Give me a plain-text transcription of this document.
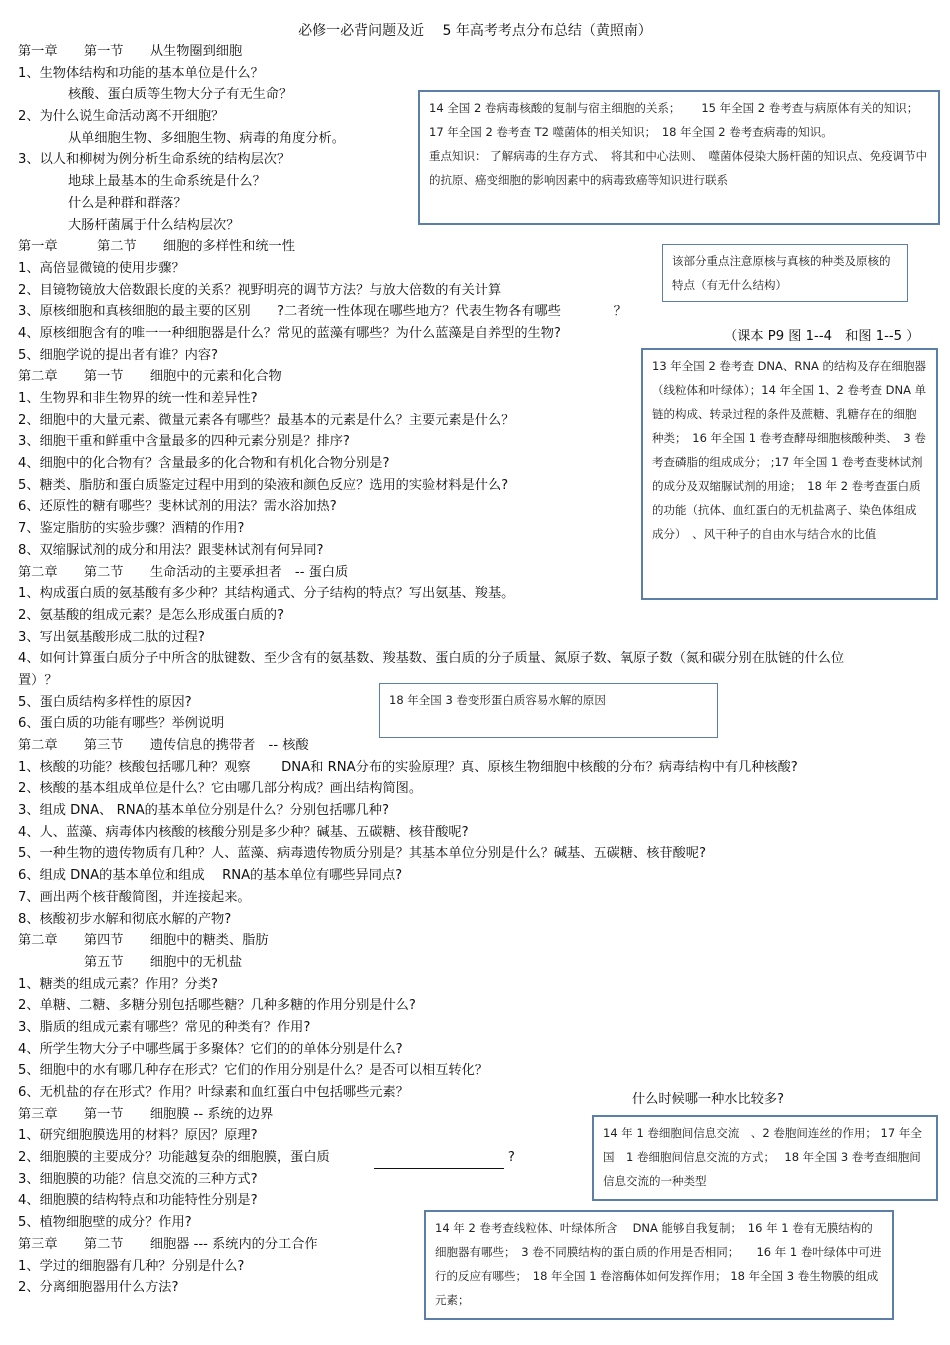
必修一必背问题及近　 5 年高考考点分布总结（黄照南）
第一章　　第一节　　从生物圈到细胞
1、生物体结构和功能的基本单位是什么？
核酸、蛋白质等生物大分子有无生命？
2、为什么说生命活动离不开细胞？
从单细胞生物、多细胞生物、病毒的角度分析。
3、以人和柳树为例分析生命系统的结构层次？
地球上最基本的生命系统是什么？
什么是种群和群落？
大肠杆菌属于什么结构层次？
第一章　　　第二节　　细胞的多样性和统一性
1、高倍显微镜的使用步骤？
2、目镜物镜放大倍数跟长度的关系？视野明亮的调节方法？与放大倍数的有关计算
3、原核细胞和真核细胞的最主要的区别　　?二者统一性体现在哪些地方？代表生物各有哪些　　　　？
4、原核细胞含有的唯一一种细胞器是什么？常见的蓝藻有哪些？为什么蓝藻是自养型的生物?
5、细胞学说的提出者有谁？内容?
第二章　　第一节　　细胞中的元素和化合物
1、生物界和非生物界的统一性和差异性?
2、细胞中的大量元素、微量元素各有哪些？最基本的元素是什么？主要元素是什么？
3、细胞干重和鲜重中含量最多的四种元素分别是？排序?
4、细胞中的化合物有？含量最多的化合物和有机化合物分别是?
5、糖类、脂肪和蛋白质鉴定过程中用到的染液和颜色反应？选用的实验材料是什么?
6、还原性的糖有哪些？斐林试剂的用法？需水浴加热?
7、鉴定脂肪的实验步骤？酒精的作用?
8、双缩脲试剂的成分和用法？跟斐林试剂有何异同?
第二章　　第二节　　生命活动的主要承担者　-- 蛋白质
1、构成蛋白质的氨基酸有多少种？其结构通式、分子结构的特点？写出氨基、羧基。
2、氨基酸的组成元素？是怎么形成蛋白质的?
3、写出氨基酸形成二肽的过程?
4、如何计算蛋白质分子中所含的肽键数、至少含有的氨基数、羧基数、蛋白质的分子质量、氮原子数、氧原子数（氮和碳分别在肽链的什么位置）？
5、蛋白质结构多样性的原因?
6、蛋白质的功能有哪些？举例说明
第二章　　第三节　　遗传信息的携带者　-- 核酸
1、核酸的功能？核酸包括哪几种？观察　　 DNA和 RNA分布的实验原理？真、原核生物细胞中核酸的分布？病毒结构中有几种核酸?
2、核酸的基本组成单位是什么？它由哪几部分构成？画出结构简图。
3、组成 DNA、 RNA的基本单位分别是什么？分别包括哪几种?
4、人、蓝藻、病毒体内核酸的核酸分别是多少种？碱基、五碳糖、核苷酸呢?
5、一种生物的遗传物质有几种？人、蓝藻、病毒遗传物质分别是？其基本单位分别是什么？碱基、五碳糖、核苷酸呢?
6、组成 DNA的基本单位和组成　 RNA的基本单位有哪些异同点?
7、画出两个核苷酸简图，并连接起来。
8、核酸初步水解和彻底水解的产物?
第二章　　第四节　　细胞中的糖类、脂肪
第五节　　细胞中的无机盐
1、糖类的组成元素？作用？分类?
2、单糖、二糖、多糖分别包括哪些糖？几种多糖的作用分别是什么?
3、脂质的组成元素有哪些？常见的种类有？作用?
4、所学生物大分子中哪些属于多聚体？它们的的单体分别是什么?
5、细胞中的水有哪几种存在形式？它们的作用分别是什么？是否可以相互转化？
6、无机盐的存在形式？作用？叶绿素和血红蛋白中包括哪些元素？
第三章　　第一节　　细胞膜 -- 系统的边界
1、研究细胞膜选用的材料？原因？原理?
2、细胞膜的主要成分？功能越复杂的细胞膜，蛋白质	?
3、细胞膜的功能？信息交流的三种方式?
4、细胞膜的结构特点和功能特性分别是?
5、植物细胞壁的成分？作用?
第三章　　第二节　　细胞器 --- 系统内的分工合作
1、学过的细胞器有几种？分别是什么?
2、分离细胞器用什么方法?
（课本 P9 图 1--4　和图 1--5 ）
什么时候哪一种水比较多?

14 全国 2 卷病毒核酸的复制与宿主细胞的关系；　　 15 年全国 2 卷考查与病原体有关的知识； 17 年全国 2 卷考查 T2 噬菌体的相关知识；　18 年全国 2 卷考查病毒的知识。

重点知识： 了解病毒的生存方式、　将其和中心法则、　噬菌体侵染大肠杆菌的知识点、免疫调节中的抗原、癌变细胞的影响因素中的病毒致癌等知识进行联系

该部分重点注意原核与真核的种类及原核的特点（有无什么结构）

13 年全国 2 卷考查 DNA、RNA 的结构及存在细胞器（线粒体和叶绿体）；14 年全国 1、2 卷考查 DNA 单链的构成、转录过程的条件及蔗糖、乳糖存在的细胞种类；　16 年全国 1 卷考查酵母细胞核酸种类、　3 卷考查磷脂的组成成分； ;17 年全国 1 卷考查斐林试剂的成分及双缩脲试剂的用途；　18 年 2 卷考查蛋白质的功能（抗体、血红蛋白的无机盐离子、染色体组成成分）　、风干种子的自由水与结合水的比值

18 年全国 3 卷变形蛋白质容易水解的原因

14 年 1 卷细胞间信息交流　、2 卷胞间连丝的作用； 17 年全国　1 卷细胞间信息交流的方式；　 18 年全国 3 卷考查细胞间信息交流的一种类型

14 年 2 卷考查线粒体、叶绿体所含　 DNA 能够自我复制；　16 年 1 卷有无膜结构的细胞器有哪些；　3 卷不同膜结构的蛋白质的作用是否相同；　　16 年 1 卷叶绿体中可进行的反应有哪些；　18 年全国 1 卷溶酶体如何发挥作用； 18 年全国 3 卷生物膜的组成元素；
